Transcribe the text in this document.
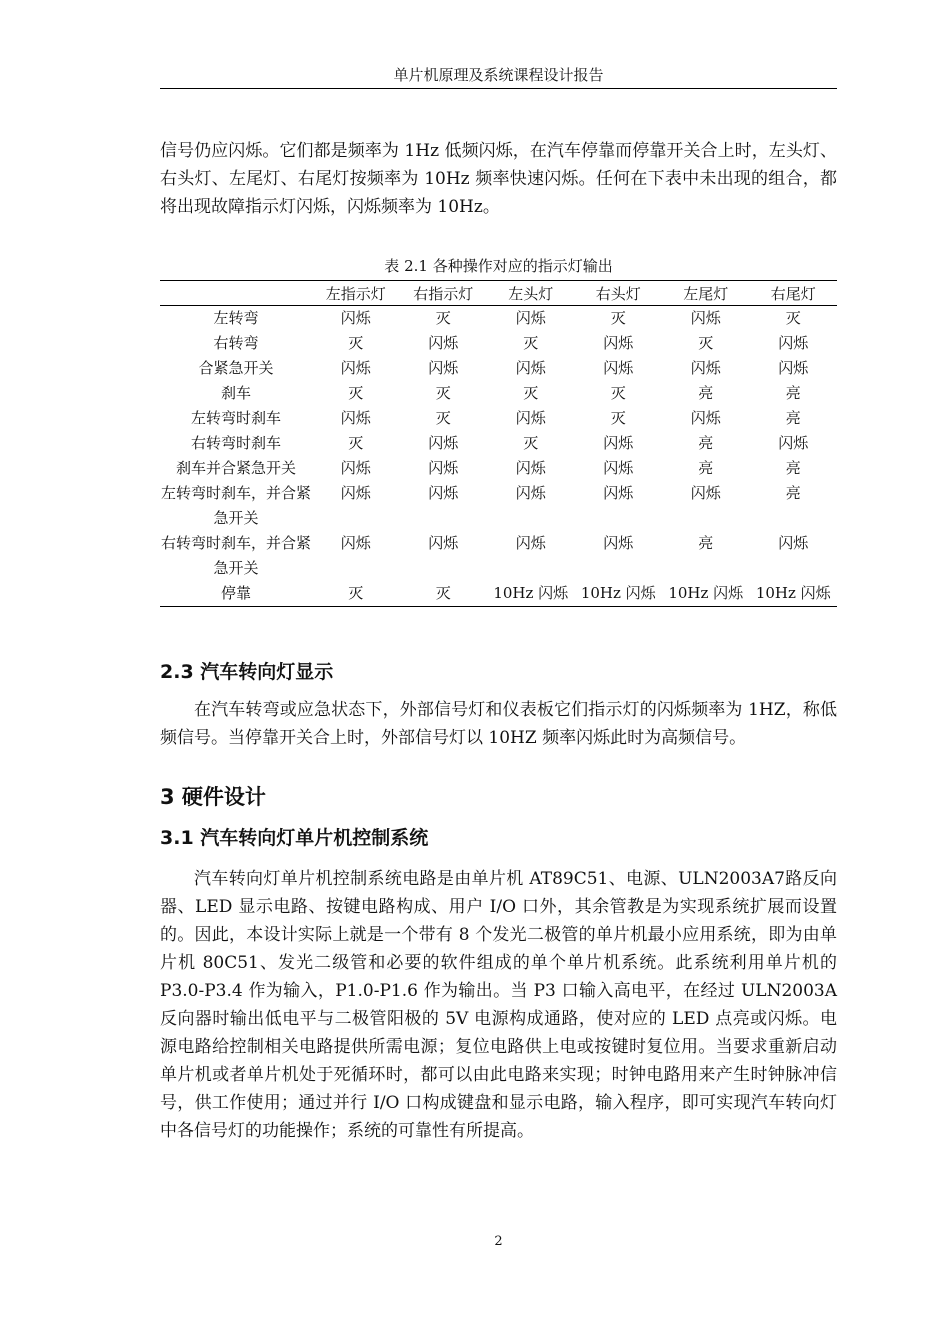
单片机原理及系统课程设计报告

信号仍应闪烁。它们都是频率为 1Hz 低频闪烁，在汽车停靠而停靠开关合上时，左头灯、右头灯、左尾灯、右尾灯按频率为 10Hz 频率快速闪烁。任何在下表中未出现的组合，都将出现故障指示灯闪烁，闪烁频率为 10Hz。

表 2.1 各种操作对应的指示灯输出
	左指示灯	右指示灯	左头灯	右头灯	左尾灯	右尾灯
左转弯	闪烁	灭	闪烁	灭	闪烁	灭
右转弯	灭	闪烁	灭	闪烁	灭	闪烁
合紧急开关	闪烁	闪烁	闪烁	闪烁	闪烁	闪烁
刹车	灭	灭	灭	灭	亮	亮
左转弯时刹车	闪烁	灭	闪烁	灭	闪烁	亮
右转弯时刹车	灭	闪烁	灭	闪烁	亮	闪烁
刹车并合紧急开关	闪烁	闪烁	闪烁	闪烁	亮	亮
左转弯时刹车，并合紧急开关	闪烁	闪烁	闪烁	闪烁	闪烁	亮
右转弯时刹车，并合紧急开关	闪烁	闪烁	闪烁	闪烁	亮	闪烁
停靠	灭	灭	10Hz 闪烁	10Hz 闪烁	10Hz 闪烁	10Hz 闪烁
2.3 汽车转向灯显示

在汽车转弯或应急状态下，外部信号灯和仪表板它们指示灯的闪烁频率为 1HZ，称低频信号。当停靠开关合上时，外部信号灯以 10HZ 频率闪烁此时为高频信号。

3 硬件设计
3.1 汽车转向灯单片机控制系统

汽车转向灯单片机控制系统电路是由单片机 AT89C51、电源、ULN2003A7路反向器、LED 显示电路、按键电路构成、用户 I/O 口外，其余管教是为实现系统扩展而设置的。因此，本设计实际上就是一个带有 8 个发光二极管的单片机最小应用系统，即为由单片机 80C51、发光二级管和必要的软件组成的单个单片机系统。此系统利用单片机的 P3.0-P3.4 作为输入，P1.0-P1.6 作为输出。当 P3 口输入高电平，在经过 ULN2003A 反向器时输出低电平与二极管阳极的 5V 电源构成通路，使对应的 LED 点亮或闪烁。电源电路给控制相关电路提供所需电源；复位电路供上电或按键时复位用。当要求重新启动单片机或者单片机处于死循环时，都可以由此电路来实现；时钟电路用来产生时钟脉冲信号，供工作使用；通过并行 I/O 口构成键盘和显示电路，输入程序，即可实现汽车转向灯中各信号灯的功能操作；系统的可靠性有所提高。

2
